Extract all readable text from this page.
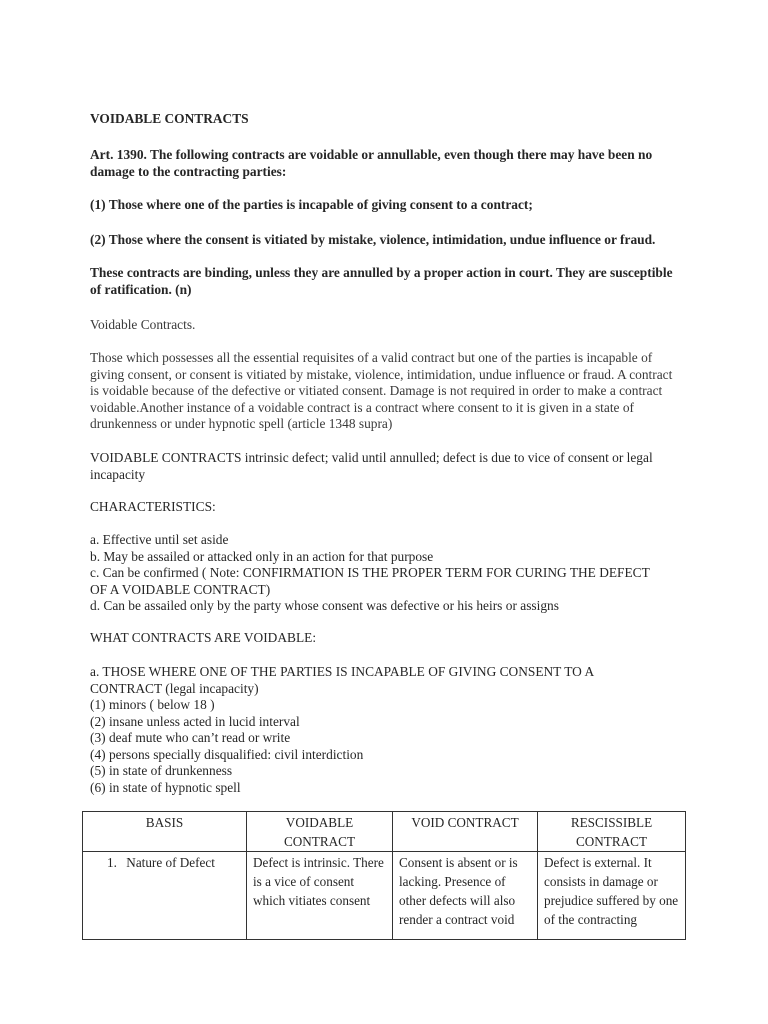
VOIDABLE CONTRACTS

Art. 1390. The following contracts are voidable or annullable, even though there may have been no damage to the contracting parties:

(1) Those where one of the parties is incapable of giving consent to a contract;

(2) Those where the consent is vitiated by mistake, violence, intimidation, undue influence or fraud.

These contracts are binding, unless they are annulled by a proper action in court. They are susceptible of ratification. (n)

Voidable Contracts.

Those which possesses all the essential requisites of a valid contract but one of the parties is incapable of giving consent, or consent is vitiated by mistake, violence, intimidation, undue influence or fraud. A contract is voidable because of the defective or vitiated consent. Damage is not required in order to make a contract voidable.Another instance of a voidable contract is a contract where consent to it is given in a state of drunkenness or under hypnotic spell (article 1348 supra)

VOIDABLE CONTRACTS intrinsic defect; valid until annulled; defect is due to vice of consent or legal incapacity

CHARACTERISTICS:

a. Effective until set aside
b. May be assailed or attacked only in an action for that purpose
c. Can be confirmed ( Note: CONFIRMATION IS THE PROPER TERM FOR CURING THE DEFECT
OF A VOIDABLE CONTRACT)
d. Can be assailed only by the party whose consent was defective or his heirs or assigns

WHAT CONTRACTS ARE VOIDABLE:

a. THOSE WHERE ONE OF THE PARTIES IS INCAPABLE OF GIVING CONSENT TO A
CONTRACT (legal incapacity)
(1) minors ( below 18 )
(2) insane unless acted in lucid interval
(3) deaf mute who can’t read or write
(4) persons specially disqualified: civil interdiction
(5) in state of drunkenness
(6) in state of hypnotic spell
BASIS	VOIDABLE CONTRACT	VOID CONTRACT	RESCISSIBLE CONTRACT
1. Nature of Defect	Defect is intrinsic. There is a vice of consent which vitiates consent	Consent is absent or is lacking. Presence of other defects will also render a contract void	Defect is external. It consists in damage or prejudice suffered by one of the contracting
